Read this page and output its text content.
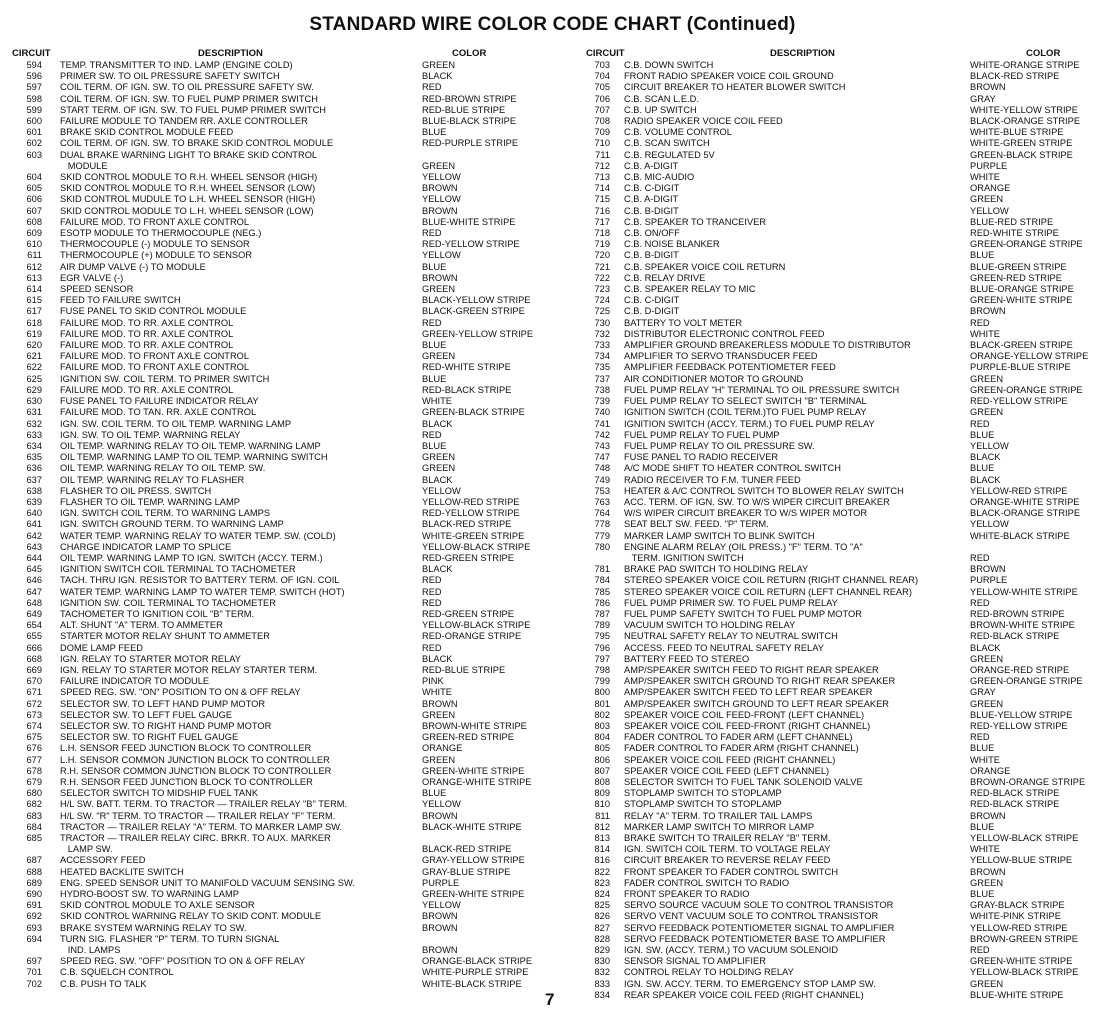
STANDARD WIRE COLOR CODE CHART (Continued)
CIRCUIT	DESCRIPTION	COLOR
594 TEMP. TRANSMITTER TO IND. LAMP (ENGINE COLD)	GREEN
596 PRIMER SW. TO OIL PRESSURE SAFETY SWITCH	BLACK
597 COIL TERM. OF IGN. SW. TO OIL PRESSURE SAFETY SW.	RED
598 COIL TERM. OF IGN. SW. TO FUEL PUMP PRIMER SWITCH	RED-BROWN STRIPE
599 START TERM. OF IGN. SW. TO FUEL PUMP PRIMER SWITCH	RED-BLUE STRIPE
600 FAILURE MODULE TO TANDEM RR. AXLE CONTROLLER	BLUE-BLACK STRIPE
601 BRAKE SKID CONTROL MODULE FEED	BLUE
602 COIL TERM. OF IGN. SW. TO BRAKE SKID CONTROL MODULE	RED-PURPLE STRIPE
603 DUAL BRAKE WARNING LIGHT TO BRAKE SKID CONTROL
MODULE	GREEN
604 SKID CONTROL MODULE TO R.H. WHEEL SENSOR (HIGH)	YELLOW
605 SKID CONTROL MODULE TO R.H. WHEEL SENSOR (LOW)	BROWN
606 SKID CONTROL MUDULE TO L.H. WHEEL SENSOR (HIGH)	YELLOW
607 SKID CONTROL MODULE TO L.H. WHEEL SENSOR (LOW)	BROWN
608 FAILURE MOD. TO FRONT AXLE CONTROL	BLUE-WHITE STRIPE
609 ESOTP MODULE TO THERMOCOUPLE (NEG.)	RED
610 THERMOCOUPLE (-) MODULE TO SENSOR	RED-YELLOW STRIPE
611 THERMOCOUPLE (+) MODULE TO SENSOR	YELLOW
612 AIR DUMP VALVE (-) TO MODULE	BLUE
613 EGR VALVE (-)	BROWN
614 SPEED SENSOR	GREEN
615 FEED TO FAILURE SWITCH	BLACK-YELLOW STRIPE
617 FUSE PANEL TO SKID CONTROL MODULE	BLACK-GREEN STRIPE
618 FAILURE MOD. TO RR. AXLE CONTROL	RED
619 FAILURE MOD. TO RR. AXLE CONTROL	GREEN-YELLOW STRIPE
620 FAILURE MOD. TO RR. AXLE CONTROL	BLUE
621 FAILURE MOD. TO FRONT AXLE CONTROL	GREEN
622 FAILURE MOD. TO FRONT AXLE CONTROL	RED-WHITE STRIPE
625 IGNITION SW. COIL TERM. TO PRIMER SWITCH	BLUE
629 FAILURE MOD. TO RR. AXLE CONTROL	RED-BLACK STRIPE
630 FUSE PANEL TO FAILURE INDICATOR RELAY	WHITE
631 FAILURE MOD. TO TAN. RR. AXLE CONTROL	GREEN-BLACK STRIPE
632 IGN. SW. COIL TERM. TO OIL TEMP. WARNING LAMP	BLACK
633 IGN. SW. TO OIL TEMP. WARNING RELAY	RED
634 OIL TEMP. WARNING RELAY TO OIL TEMP. WARNING LAMP	BLUE
635 OIL TEMP. WARNING LAMP TO OIL TEMP. WARNING SWITCH	GREEN
636 OIL TEMP. WARNING RELAY TO OIL TEMP. SW.	GREEN
637 OIL TEMP. WARNING RELAY TO FLASHER	BLACK
638 FLASHER TO OIL PRESS. SWITCH	YELLOW
639 FLASHER TO OIL TEMP. WARNING LAMP	YELLOW-RED STRIPE
640 IGN. SWITCH COIL TERM. TO WARNING LAMPS	RED-YELLOW STRIPE
641 IGN. SWITCH GROUND TERM. TO WARNING LAMP	BLACK-RED STRIPE
642 WATER TEMP. WARNING RELAY TO WATER TEMP. SW. (COLD)	WHITE-GREEN STRIPE
643 CHARGE INDICATOR LAMP TO SPLICE	YELLOW-BLACK STRIPE
644 OIL TEMP. WARNING LAMP TO IGN. SWITCH (ACCY. TERM.)	RED-GREEN STRIPE
645 IGNITION SWITCH COIL TERMINAL TO TACHOMETER	BLACK
646 TACH. THRU IGN. RESISTOR TO BATTERY TERM. OF IGN. COIL	RED
647 WATER TEMP. WARNING LAMP TO WATER TEMP. SWITCH (HOT)	RED
648 IGNITION SW. COIL TERMINAL TO TACHOMETER	RED
649 TACHOMETER TO IGNITION COIL "B" TERM.	RED-GREEN STRIPE
654 ALT. SHUNT "A" TERM. TO AMMETER	YELLOW-BLACK STRIPE
655 STARTER MOTOR RELAY SHUNT TO AMMETER	RED-ORANGE STRIPE
666 DOME LAMP FEED	RED
668 IGN. RELAY TO STARTER MOTOR RELAY	BLACK
669 IGN. RELAY TO STARTER MOTOR RELAY STARTER TERM.	RED-BLUE STRIPE
670 FAILURE INDICATOR TO MODULE	PINK
671 SPEED REG. SW. "ON" POSITION TO ON & OFF RELAY	WHITE
672 SELECTOR SW. TO LEFT HAND PUMP MOTOR	BROWN
673 SELECTOR SW. TO LEFT FUEL GAUGE	GREEN
674 SELECTOR SW. TO RIGHT HAND PUMP MOTOR	BROWN-WHITE STRIPE
675 SELECTOR SW. TO RIGHT FUEL GAUGE	GREEN-RED STRIPE
676 L.H. SENSOR FEED JUNCTION BLOCK TO CONTROLLER	ORANGE
677 L.H. SENSOR COMMON JUNCTION BLOCK TO CONTROLLER	GREEN
678 R.H. SENSOR COMMON JUNCTION BLOCK TO CONTROLLER	GREEN-WHITE STRIPE
679 R.H. SENSOR FEED JUNCTION BLOCK TO CONTROLLER	ORANGE-WHITE STRIPE
680 SELECTOR SWITCH TO MIDSHIP FUEL TANK	BLUE
682 H/L SW. BATT. TERM. TO TRACTOR — TRAILER RELAY "B" TERM.	YELLOW
683 H/L SW. "R" TERM. TO TRACTOR — TRAILER RELAY "F" TERM.	BROWN
684 TRACTOR — TRAILER RELAY "A" TERM. TO MARKER LAMP SW.	BLACK-WHITE STRIPE
685 TRACTOR — TRAILER RELAY CIRC. BRKR. TO AUX. MARKER
LAMP SW.	BLACK-RED STRIPE
687 ACCESSORY FEED	GRAY-YELLOW STRIPE
688 HEATED BACKLITE SWITCH	GRAY-BLUE STRIPE
689 ENG. SPEED SENSOR UNIT TO MANIFOLD VACUUM SENSING SW.	PURPLE
690 HYDRO-BOOST SW. TO WARNING LAMP	GREEN-WHITE STRIPE
691 SKID CONTROL MODULE TO AXLE SENSOR	YELLOW
692 SKID CONTROL WARNING RELAY TO SKID CONT. MODULE	BROWN
693 BRAKE SYSTEM WARNING RELAY TO SW.	BROWN
694 TURN SIG. FLASHER "P" TERM. TO TURN SIGNAL
IND. LAMPS	BROWN
697 SPEED REG. SW. "OFF" POSITION TO ON & OFF RELAY	ORANGE-BLACK STRIPE
701 C.B. SQUELCH CONTROL	WHITE-PURPLE STRIPE
702 C.B. PUSH TO TALK	WHITE-BLACK STRIPE
CIRCUIT	DESCRIPTION	COLOR
703 C.B. DOWN SWITCH	WHITE-ORANGE STRIPE
704 FRONT RADIO SPEAKER VOICE COIL GROUND	BLACK-RED STRIPE
705 CIRCUIT BREAKER TO HEATER BLOWER SWITCH	BROWN
706 C.B. SCAN L.E.D.	GRAY
707 C.B. UP SWITCH	WHITE-YELLOW STRIPE
708 RADIO SPEAKER VOICE COIL FEED	BLACK-ORANGE STRIPE
709 C.B. VOLUME CONTROL	WHITE-BLUE STRIPE
710 C.B. SCAN SWITCH	WHITE-GREEN STRIPE
711 C.B. REGULATED 5V	GREEN-BLACK STRIPE
712 C.B. A-DIGIT	PURPLE
713 C.B. MIC-AUDIO	WHITE
714 C.B. C-DIGIT	ORANGE
715 C.B. A-DIGIT	GREEN
716 C.B. B-DIGIT	YELLOW
717 C.B. SPEAKER TO TRANCEIVER	BLUE-RED STRIPE
718 C.B. ON/OFF	RED-WHITE STRIPE
719 C.B. NOISE BLANKER	GREEN-ORANGE STRIPE
720 C.B. B-DIGIT	BLUE
721 C.B. SPEAKER VOICE COIL RETURN	BLUE-GREEN STRIPE
722 C.B. RELAY DRIVE	GREEN-RED STRIPE
723 C.B. SPEAKER RELAY TO MIC	BLUE-ORANGE STRIPE
724 C.B. C-DIGIT	GREEN-WHITE STRIPE
725 C.B. D-DIGIT	BROWN
730 BATTERY TO VOLT METER	RED
732 DISTRIBUTOR ELECTRONIC CONTROL FEED	WHITE
733 AMPLIFIER GROUND BREAKERLESS MODULE TO DISTRIBUTOR	BLACK-GREEN STRIPE
734 AMPLIFIER TO SERVO TRANSDUCER FEED	ORANGE-YELLOW STRIPE
735 AMPLIFIER FEEDBACK POTENTIOMETER FEED	PURPLE-BLUE STRIPE
737 AIR CONDITIONER MOTOR TO GROUND	GREEN
738 FUEL PUMP RELAY "H" TERMINAL TO OIL PRESSURE SWITCH	GREEN-ORANGE STRIPE
739 FUEL PUMP RELAY TO SELECT SWITCH "B" TERMINAL	RED-YELLOW STRIPE
740 IGNITION SWITCH (COIL TERM.)TO FUEL PUMP RELAY	GREEN
741 IGNITION SWITCH (ACCY. TERM.) TO FUEL PUMP RELAY	RED
742 FUEL PUMP RELAY TO FUEL PUMP	BLUE
743 FUEL PUMP RELAY TO OIL PRESSURE SW.	YELLOW
747 FUSE PANEL TO RADIO RECEIVER	BLACK
748 A/C MODE SHIFT TO HEATER CONTROL SWITCH	BLUE
749 RADIO RECEIVER TO F.M. TUNER FEED	BLACK
753 HEATER & A/C CONTROL SWITCH TO BLOWER RELAY SWITCH	YELLOW-RED STRIPE
763 ACC. TERM. OF IGN. SW. TO W/S WIPER CIRCUIT BREAKER	ORANGE-WHITE STRIPE
764 W/S WIPER CIRCUIT BREAKER TO W/S WIPER MOTOR	BLACK-ORANGE STRIPE
778 SEAT BELT SW. FEED. "P" TERM.	YELLOW
779 MARKER LAMP SWITCH TO BLINK SWITCH	WHITE-BLACK STRIPE
780 ENGINE ALARM RELAY (OIL PRESS.) "F" TERM. TO "A"
TERM. IGNITION SWITCH	RED
781 BRAKE PAD SWITCH TO HOLDING RELAY	BROWN
784 STEREO SPEAKER VOICE COIL RETURN (RIGHT CHANNEL REAR)	PURPLE
785 STEREO SPEAKER VOICE COIL RETURN (LEFT CHANNEL REAR)	YELLOW-WHITE STRIPE
786 FUEL PUMP PRIMER SW. TO FUEL PUMP RELAY	RED
787 FUEL PUMP SAFETY SWITCH TO FUEL PUMP MOTOR	RED-BROWN STRIPE
789 VACUUM SWITCH TO HOLDING RELAY	BROWN-WHITE STRIPE
795 NEUTRAL SAFETY RELAY TO NEUTRAL SWITCH	RED-BLACK STRIPE
796 ACCESS. FEED TO NEUTRAL SAFETY RELAY	BLACK
797 BATTERY FEED TO STEREO	GREEN
798 AMP/SPEAKER SWITCH FEED TO RIGHT REAR SPEAKER	ORANGE-RED STRIPE
799 AMP/SPEAKER SWITCH GROUND TO RIGHT REAR SPEAKER	GREEN-ORANGE STRIPE
800 AMP/SPEAKER SWITCH FEED TO LEFT REAR SPEAKER	GRAY
801 AMP/SPEAKER SWITCH GROUND TO LEFT REAR SPEAKER	GREEN
802 SPEAKER VOICE COIL FEED-FRONT (LEFT CHANNEL)	BLUE-YELLOW STRIPE
803 SPEAKER VOICE COIL FEED-FRONT (RIGHT CHANNEL)	RED-YELLOW STRIPE
804 FADER CONTROL TO FADER ARM (LEFT CHANNEL)	RED
805 FADER CONTROL TO FADER ARM (RIGHT CHANNEL)	BLUE
806 SPEAKER VOICE COIL FEED (RIGHT CHANNEL)	WHITE
807 SPEAKER VOICE COIL FEED (LEFT CHANNEL)	ORANGE
808 SELECTOR SWITCH TO FUEL TANK SOLENOID VALVE	BROWN-ORANGE STRIPE
809 STOPLAMP SWITCH TO STOPLAMP	RED-BLACK STRIPE
810 STOPLAMP SWITCH TO STOPLAMP	RED-BLACK STRIPE
811 RELAY "A" TERM. TO TRAILER TAIL LAMPS	BROWN
812 MARKER LAMP SWITCH TO MIRROR LAMP	BLUE
813 BRAKE SWITCH TO TRAILER RELAY "B" TERM.	YELLOW-BLACK STRIPE
814 IGN. SWITCH COIL TERM. TO VOLTAGE RELAY	WHITE
816 CIRCUIT BREAKER TO REVERSE RELAY FEED	YELLOW-BLUE STRIPE
822 FRONT SPEAKER TO FADER CONTROL SWITCH	BROWN
823 FADER CONTROL SWITCH TO RADIO	GREEN
824 FRONT SPEAKER TO RADIO	BLUE
825 SERVO SOURCE VACUUM SOLE TO CONTROL TRANSISTOR	GRAY-BLACK STRIPE
826 SERVO VENT VACUUM SOLE TO CONTROL TRANSISTOR	WHITE-PINK STRIPE
827 SERVO FEEDBACK POTENTIOMETER SIGNAL TO AMPLIFIER	YELLOW-RED STRIPE
828 SERVO FEEDBACK POTENTIOMETER BASE TO AMPLIFIER	BROWN-GREEN STRIPE
829 IGN. SW. (ACCY. TERM.) TO VACUUM SOLENOID	RED
830 SENSOR SIGNAL TO AMPLIFIER	GREEN-WHITE STRIPE
832 CONTROL RELAY TO HOLDING RELAY	YELLOW-BLACK STRIPE
833 IGN. SW. ACCY. TERM. TO EMERGENCY STOP LAMP SW.	GREEN
834 REAR SPEAKER VOICE COIL FEED (RIGHT CHANNEL)	BLUE-WHITE STRIPE
7
